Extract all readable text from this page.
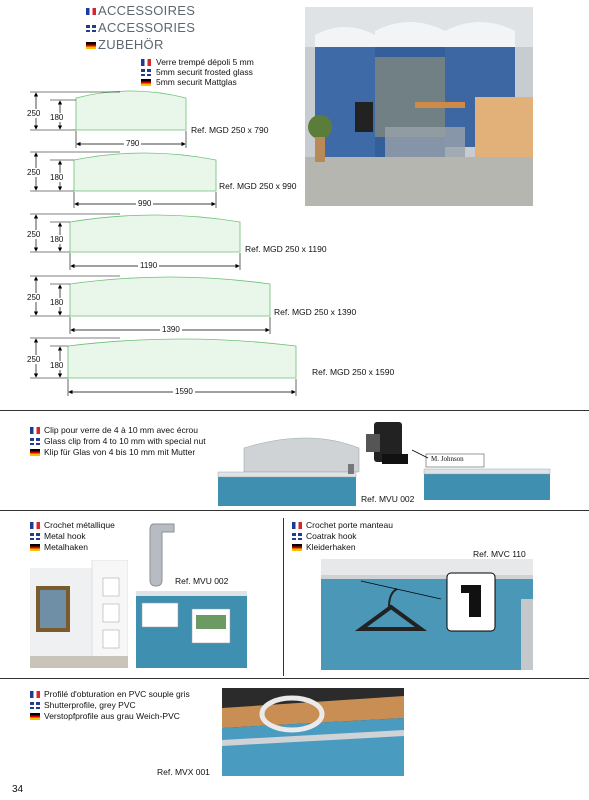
ACCESSOIRES
ACCESSORIES
ZUBEHÖR
Verre trempé dépoli 5 mm
5mm securit frosted glass
5mm securit Mattglas
250 180
790
Ref. MGD 250 x 790
250
180
990
Ref. MGD 250 x 990
250
180
1190
Ref. MGD 250 x 1190
250
180
1390
Ref. MGD 250 x 1390
250
180
1590
Ref. MGD 250 x 1590
Clip pour verre de 4 à 10 mm avec écrou
Glass clip from 4 to 10 mm with special nut
Klip für Glas von 4 bis 10 mm mit Mutter
M. Johnson
Ref. MVU 002
Crochet métallique
Metal hook
Metalhaken
Ref. MVU 002
Crochet porte manteau
Coatrak hook
Kleiderhaken
Ref. MVC 110
Profilé d'obturation en PVC souple gris
Shutterprofile, grey PVC
Verstopfprofile aus grau Weich-PVC
Ref. MVX 001
34
